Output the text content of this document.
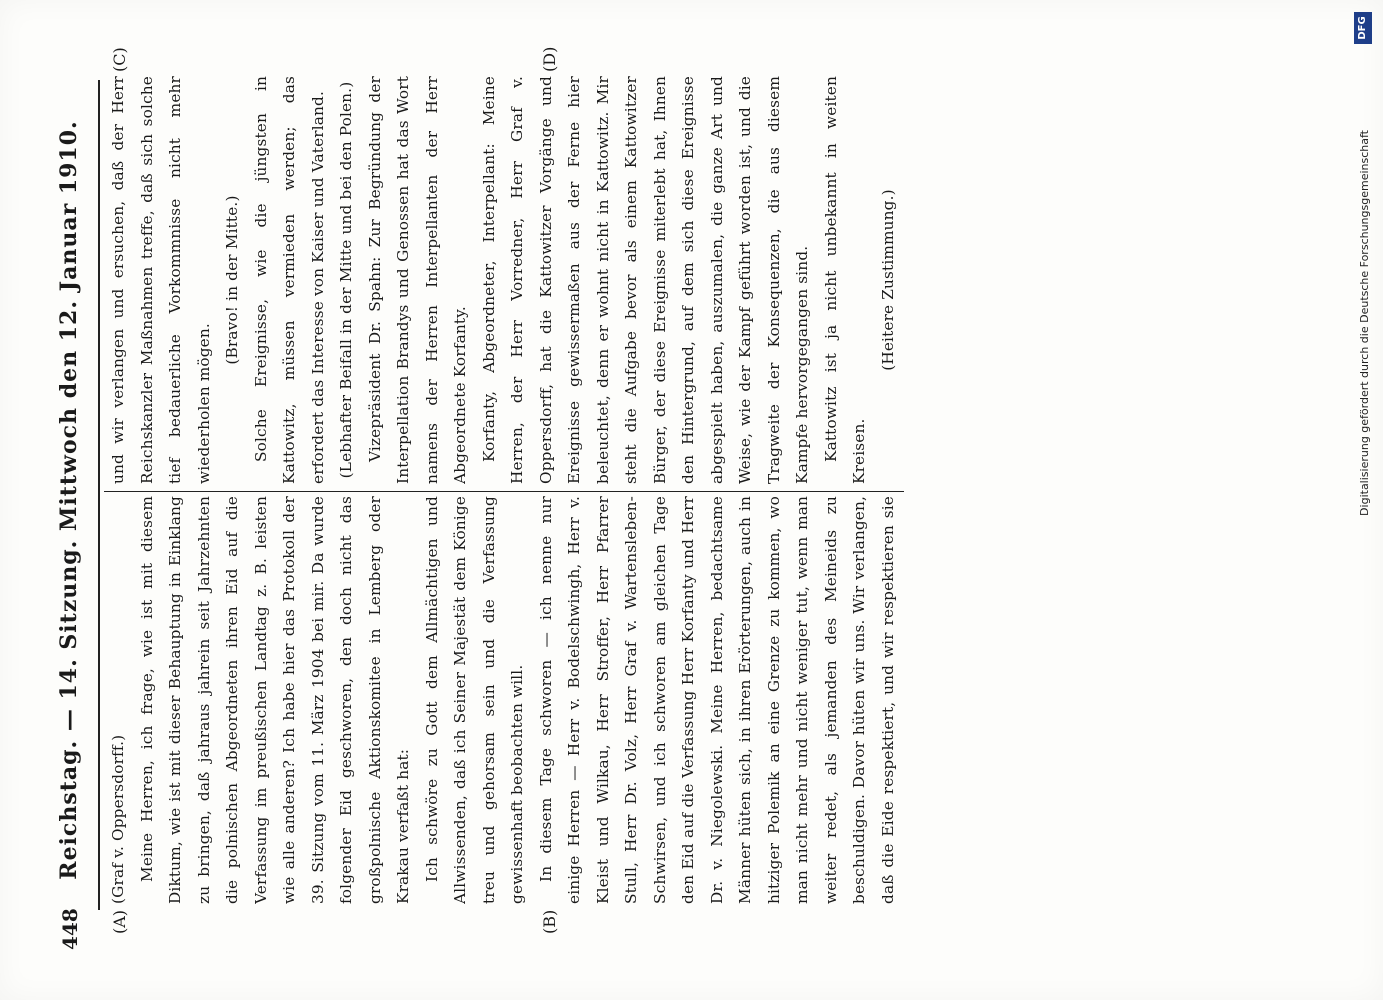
448
Reichstag. — 14. Sitzung. Mittwoch den 12. Januar 1910.
(A)	(B)
(C)	(D)

(Graf v. Oppersdorff.) Meine Herren, ich frage, wie ist mit diesem Diktum, wie ist mit dieser Behauptung in Einklang zu bringen, daß jahraus jahrein seit Jahrzehnten die polnischen Abgeordneten ihren Eid auf die Verfassung im preußischen Landtag z. B. leisten wie alle anderen? Ich habe hier das Protokoll der 39. Sitzung vom 11. März 1904 bei mir. Da wurde folgender Eid geschworen, den doch nicht das großpolnische Aktionskomitee in Lemberg oder Krakau verfaßt hat: Ich schwöre zu Gott dem Allmächtigen und Allwissenden, daß ich Seiner Majestät dem Könige treu und gehorsam sein und die Verfassung gewissenhaft beobachten will. In diesem Tage schworen — ich nenne nur einige Herren — Herr v. Bodelschwingh, Herr v. Kleist und Wilkau, Herr Stroffer, Herr Pfarrer Stull, Herr Dr. Volz, Herr Graf v. Wartensleben-Schwirsen, und ich schworen am gleichen Tage den Eid auf die Verfassung Herr Korfanty und Herr Dr. v. Niegolewski. Meine Herren, bedachtsame Männer hüten sich, in ihren Erörterungen, auch in hitziger Polemik an eine Grenze zu kommen, wo man nicht mehr und nicht weniger tut, wenn man weiter redet, als jemanden des Meineids zu beschuldigen. Davor hüten wir uns. Wir verlangen, daß die Eide respektiert, und wir respektieren sie

und wir verlangen und ersuchen, daß der Herr Reichskanzler Maßnahmen treffe, daß sich solche tief bedauerliche Vorkommnisse nicht mehr wiederholen mögen.

(Bravo! in der Mitte.) Solche Ereignisse, wie die jüngsten in Kattowitz, müssen vermieden werden; das erfordert das Interesse von Kaiser und Vaterland. (Lebhafter Beifall in der Mitte und bei den Polen.) Vizepräsident Dr. Spahn: Zur Begründung der Interpellation Brandys und Genossen hat das Wort namens der Herren Interpellanten der Herr Abgeordnete Korfanty. Korfanty, Abgeordneter, Interpellant: Meine Herren, der Herr Vorredner, Herr Graf v. Oppersdorff, hat die Kattowitzer Vorgänge und Ereignisse gewissermaßen aus der Ferne hier beleuchtet, denn er wohnt nicht in Kattowitz. Mir steht die Aufgabe bevor als einem Kattowitzer Bürger, der diese Ereignisse miterlebt hat, Ihnen den Hintergrund, auf dem sich diese Ereignisse abgespielt haben, auszumalen, die ganze Art und Weise, wie der Kampf geführt worden ist, und die Tragweite der Konsequenzen, die aus diesem Kampfe hervorgegangen sind. Kattowitz ist ja nicht unbekannt in weiten Kreisen.

(Heitere Zustimmung.)	Digitalisierung gefördert durch die Deutsche Forschungsgemeinschaft
DFG
